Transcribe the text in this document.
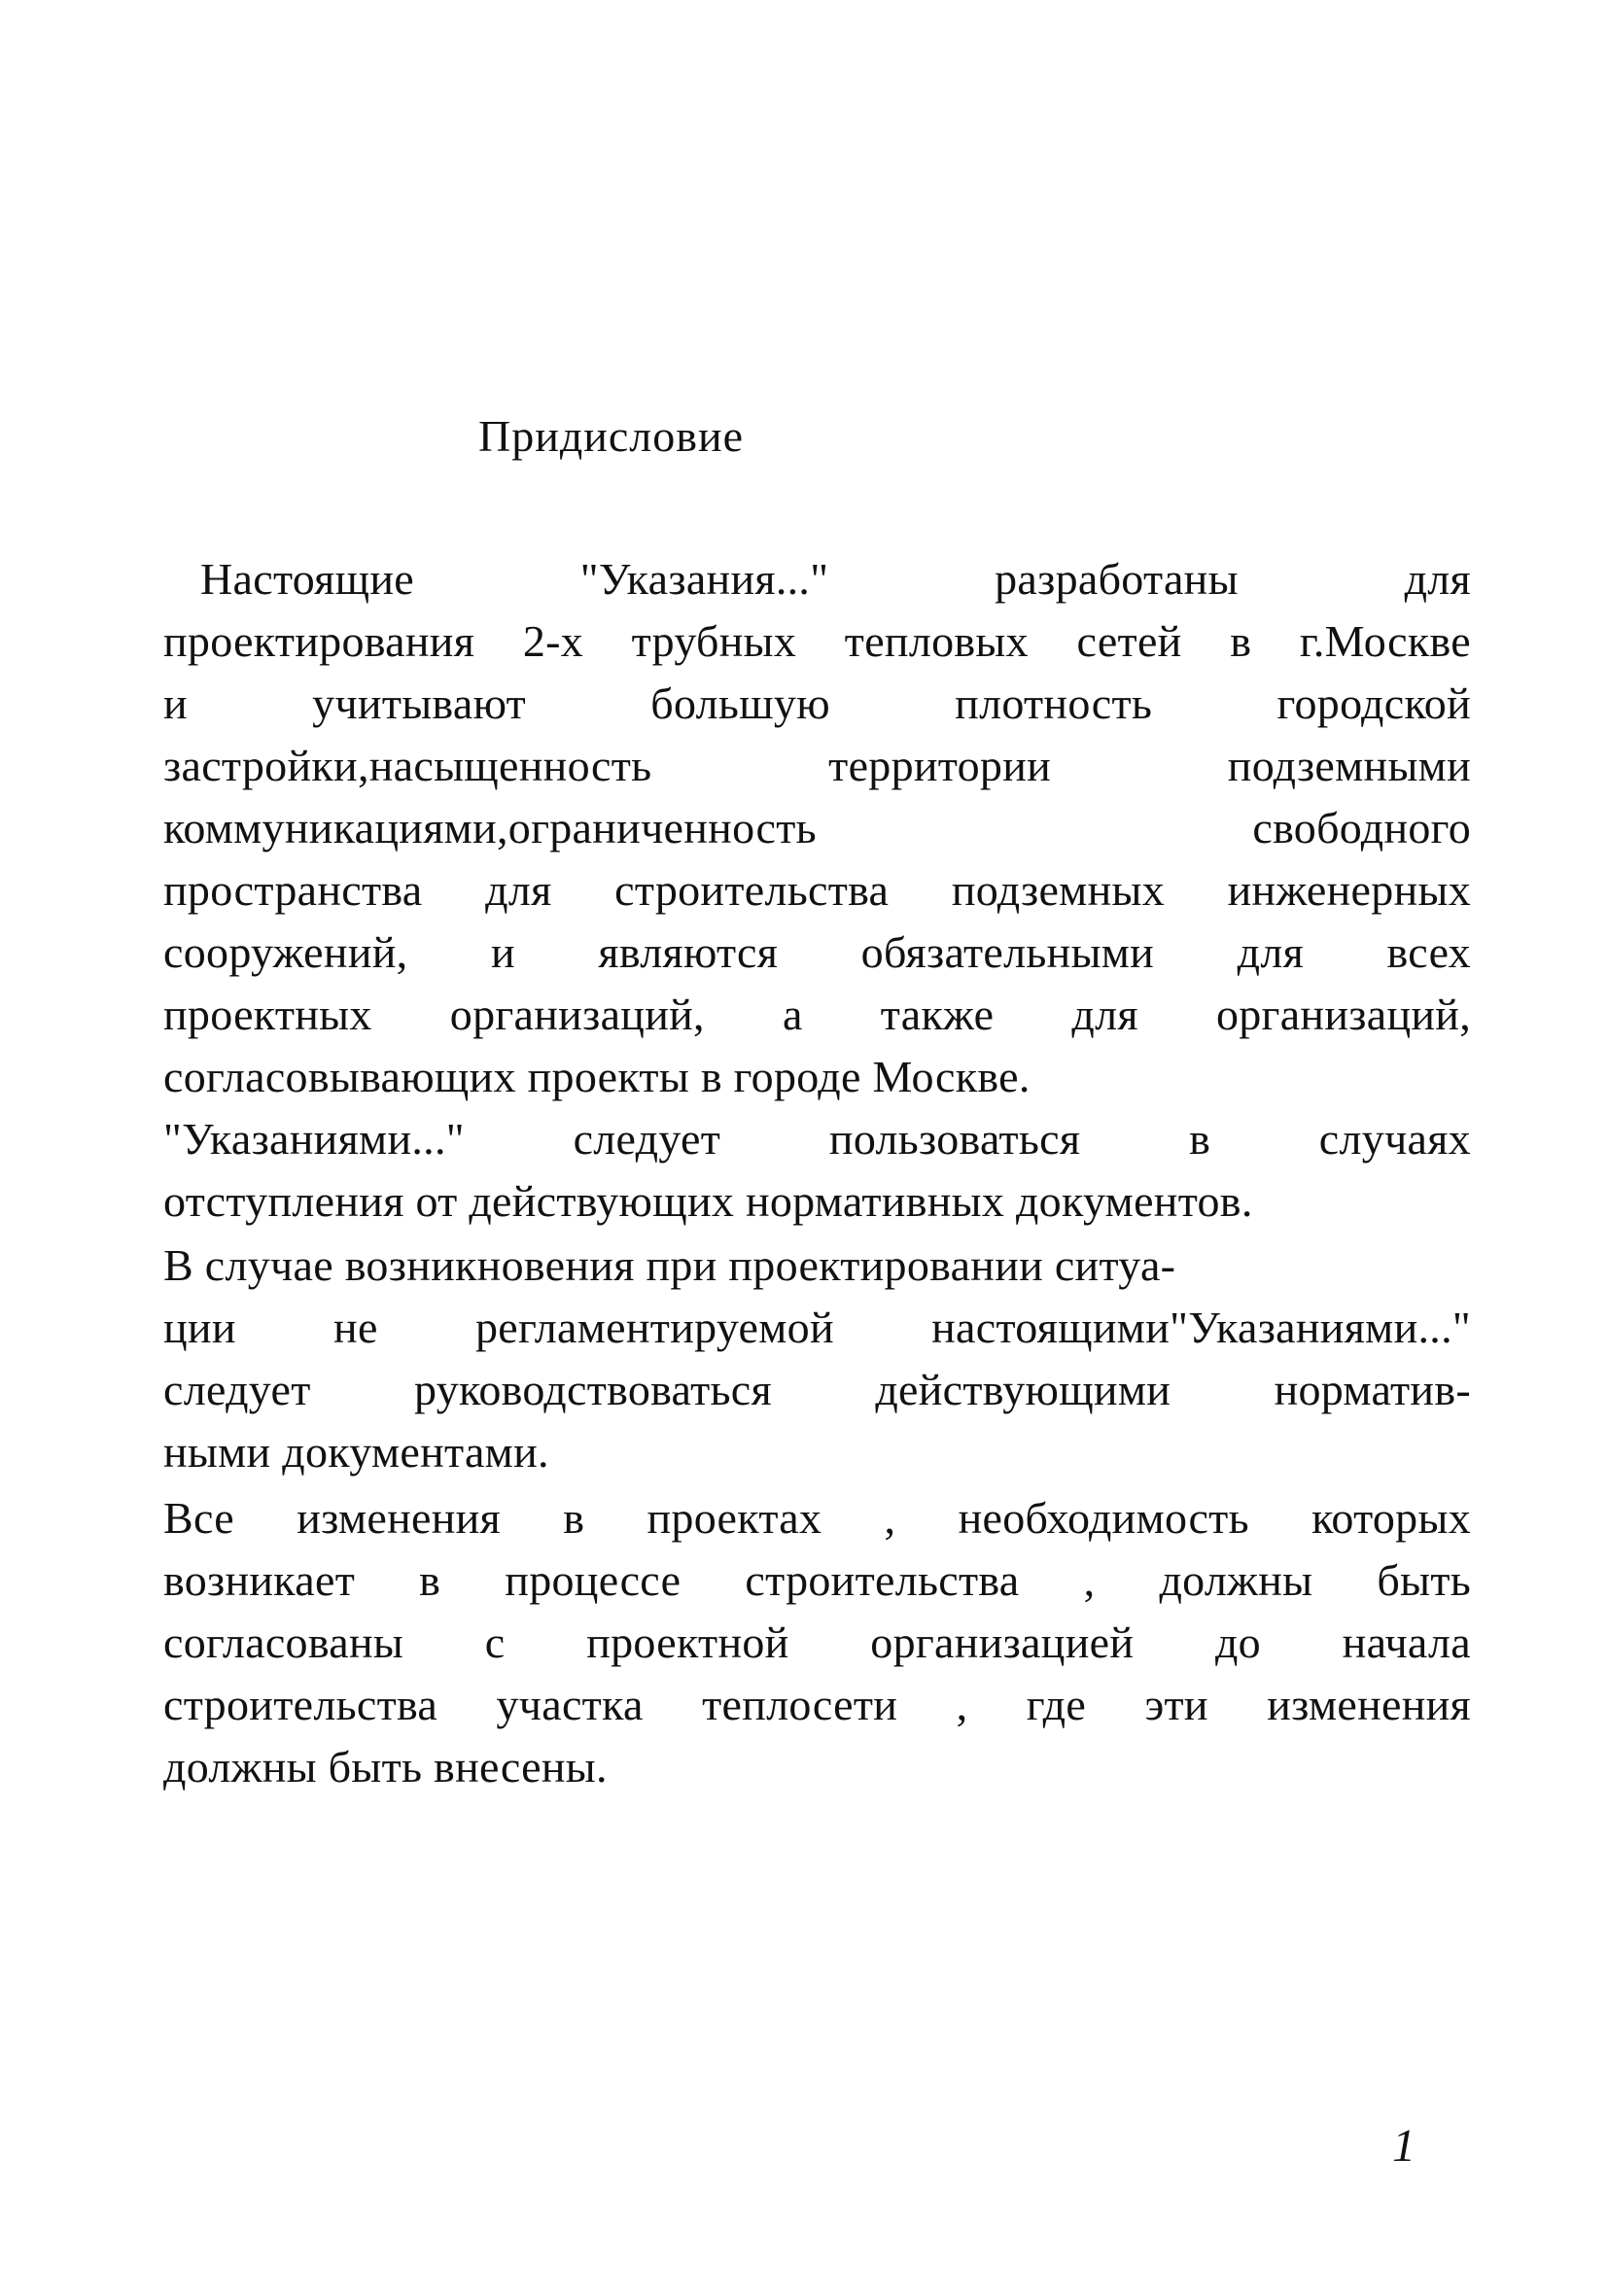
Придисловие

Настоящие "Указания..." разработаны для

проектирования 2-х трубных тепловых сетей в г.Москве

и учитывают большую плотность городской

застройки,насыщенность территории подземными

коммуникациями,ограниченность свободного

пространства для строительства подземных инженерных

сооружений, и являются обязательными для всех

проектных организаций, а также для организаций,

согласовывающих проекты в городе Москве.

"Указаниями..." следует пользоваться в случаях

отступления от действующих нормативных документов.

В случае возникновения при проектировании ситуа-

ции не регламентируемой настоящими"Указаниями..."

следует руководствоваться действующими норматив-

ными документами.

Все изменения в проектах , необходимость которых

возникает в процессе строительства , должны быть

согласованы с проектной организацией до начала

строительства участка теплосети , где эти изменения

должны быть внесены.

1
